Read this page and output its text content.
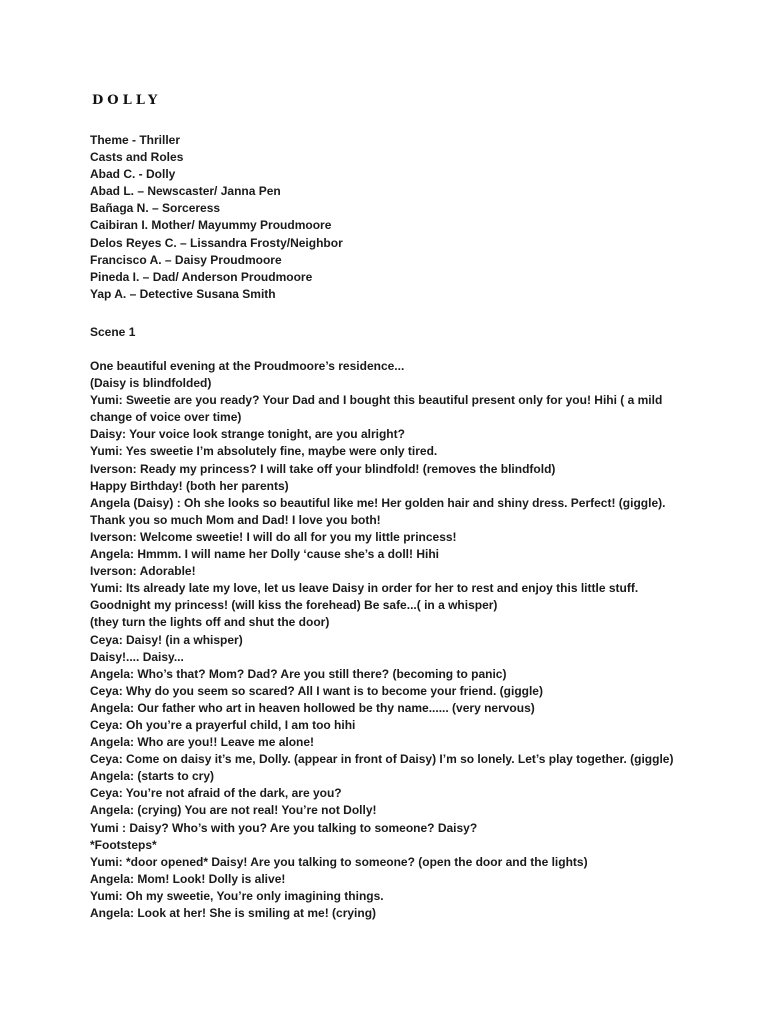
DOLLY
Theme - Thriller
Casts and Roles
Abad C. - Dolly
Abad L. – Newscaster/ Janna Pen
Bañaga N. – Sorceress
Caibiran I. Mother/ Mayummy Proudmoore
Delos Reyes C. – Lissandra Frosty/Neighbor
Francisco A. – Daisy Proudmoore
Pineda I. – Dad/ Anderson Proudmoore
Yap A. – Detective Susana Smith
Scene 1
One beautiful evening at the Proudmoore’s residence...
(Daisy is blindfolded)
Yumi: Sweetie are you ready? Your Dad and I bought this beautiful present only for you! Hihi ( a mild
change of voice over time)
Daisy: Your voice look strange tonight, are you alright?
Yumi: Yes sweetie I’m absolutely fine, maybe were only tired.
Iverson: Ready my princess? I will take off your blindfold! (removes the blindfold)
Happy Birthday! (both her parents)
Angela (Daisy) : Oh she looks so beautiful like me! Her golden hair and shiny dress. Perfect! (giggle).
Thank you so much Mom and Dad! I love you both!
Iverson: Welcome sweetie! I will do all for you my little princess!
Angela: Hmmm. I will name her Dolly ‘cause she’s a doll! Hihi
Iverson: Adorable!
Yumi: Its already late my love, let us leave Daisy in order for her to rest and enjoy this little stuff.
Goodnight my princess! (will kiss the forehead) Be safe...( in a whisper)
(they turn the lights off and shut the door)
Ceya: Daisy! (in a whisper)
Daisy!.... Daisy...
Angela: Who’s that? Mom? Dad? Are you still there? (becoming to panic)
Ceya: Why do you seem so scared? All I want is to become your friend. (giggle)
Angela: Our father who art in heaven hollowed be thy name...... (very nervous)
Ceya: Oh you’re a prayerful child, I am too hihi
Angela: Who are you!! Leave me alone!
Ceya: Come on daisy it’s me, Dolly. (appear in front of Daisy) I’m so lonely. Let’s play together. (giggle)
Angela: (starts to cry)
Ceya: You’re not afraid of the dark, are you?
Angela: (crying) You are not real! You’re not Dolly!
Yumi : Daisy? Who’s with you? Are you talking to someone? Daisy?
*Footsteps*
Yumi: *door opened* Daisy! Are you talking to someone? (open the door and the lights)
Angela: Mom! Look! Dolly is alive!
Yumi: Oh my sweetie, You’re only imagining things.
Angela: Look at her! She is smiling at me! (crying)
